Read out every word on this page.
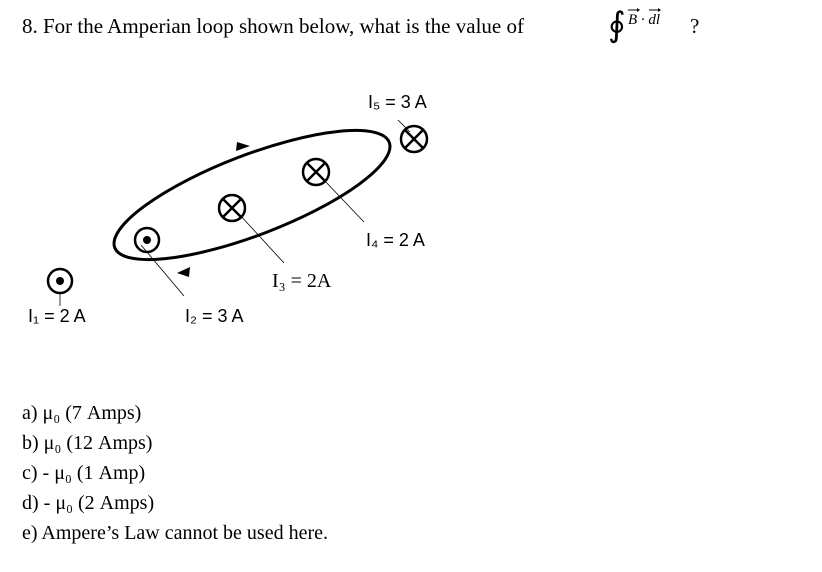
8. For the Amperian loop shown below, what is the value of ∮ B · dl ?
I₅ = 3 A
I₄ = 2 A
I₃ = 2A
I₂ = 3 A
I₁ = 2 A
a) μ₀ (7 Amps)
b) μ₀ (12 Amps)
c) - μ₀ (1 Amp)
d) - μ₀ (2 Amps)
e) Ampere’s Law cannot be used here.
